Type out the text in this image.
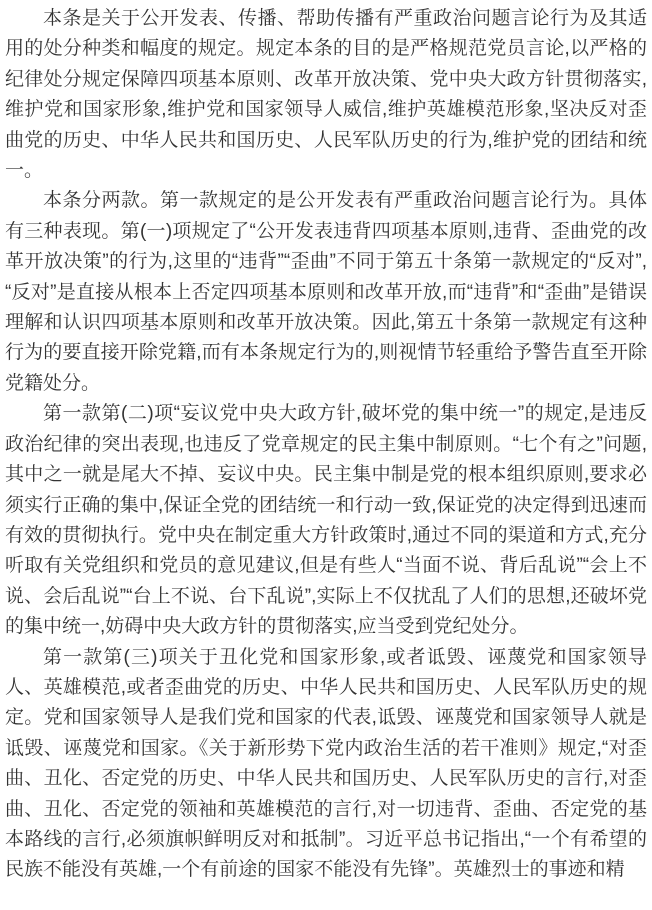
本条是关于公开发表、传播、帮助传播有严重政治问题言论行为及其适用的处分种类和幅度的规定。规定本条的目的是严格规范党员言论,以严格的纪律处分规定保障四项基本原则、改革开放决策、党中央大政方针贯彻落实,维护党和国家形象,维护党和国家领导人威信,维护英雄模范形象,坚决反对歪曲党的历史、中华人民共和国历史、人民军队历史的行为,维护党的团结和统一。

本条分两款。第一款规定的是公开发表有严重政治问题言论行为。具体有三种表现。第(一)项规定了“公开发表违背四项基本原则,违背、歪曲党的改革开放决策”的行为,这里的“违背”“歪曲”不同于第五十条第一款规定的“反对”,“反对”是直接从根本上否定四项基本原则和改革开放,而“违背”和“歪曲”是错误理解和认识四项基本原则和改革开放决策。因此,第五十条第一款规定有这种行为的要直接开除党籍,而有本条规定行为的,则视情节轻重给予警告直至开除党籍处分。

第一款第(二)项“妄议党中央大政方针,破坏党的集中统一”的规定,是违反政治纪律的突出表现,也违反了党章规定的民主集中制原则。“七个有之”问题,其中之一就是尾大不掉、妄议中央。民主集中制是党的根本组织原则,要求必须实行正确的集中,保证全党的团结统一和行动一致,保证党的决定得到迅速而有效的贯彻执行。党中央在制定重大方针政策时,通过不同的渠道和方式,充分听取有关党组织和党员的意见建议,但是有些人“当面不说、背后乱说”“会上不说、会后乱说”“台上不说、台下乱说”,实际上不仅扰乱了人们的思想,还破坏党的集中统一,妨碍中央大政方针的贯彻落实,应当受到党纪处分。

第一款第(三)项关于丑化党和国家形象,或者诋毁、诬蔑党和国家领导人、英雄模范,或者歪曲党的历史、中华人民共和国历史、人民军队历史的规定。党和国家领导人是我们党和国家的代表,诋毁、诬蔑党和国家领导人就是诋毁、诬蔑党和国家。《关于新形势下党内政治生活的若干准则》规定,“对歪曲、丑化、否定党的历史、中华人民共和国历史、人民军队历史的言行,对歪曲、丑化、否定党的领袖和英雄模范的言行,对一切违背、歪曲、否定党的基本路线的言行,必须旗帜鲜明反对和抵制”。习近平总书记指出,“一个有希望的民族不能没有英雄,一个有前途的国家不能没有先锋”。英雄烈士的事迹和精
